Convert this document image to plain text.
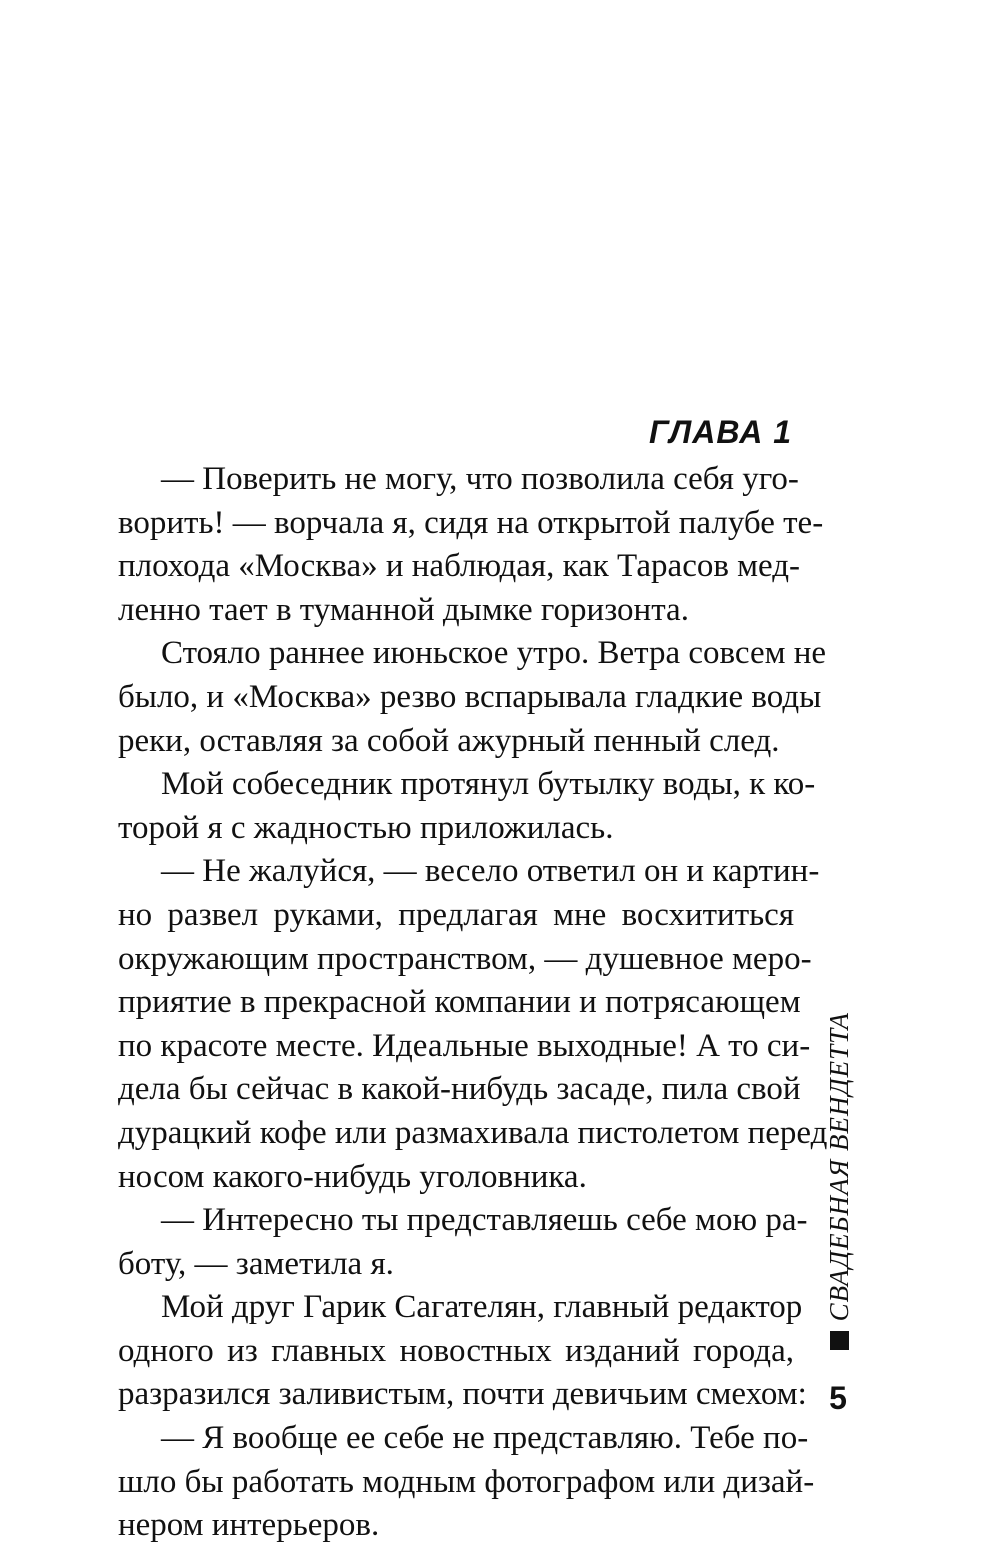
ГЛАВА 1
— Поверить не могу, что позволила себя уго-
ворить! — ворчала я, сидя на открытой палубе те-
плохода «Москва» и наблюдая, как Тарасов мед-
ленно тает в туманной дымке горизонта.
Стояло раннее июньское утро. Ветра совсем не
было, и «Москва» резво вспарывала гладкие воды
реки, оставляя за собой ажурный пенный след.
Мой собеседник протянул бутылку воды, к ко-
торой я с жадностью приложилась.
— Не жалуйся, — весело ответил он и картин-
но развел руками, предлагая мне восхититься
окружающим пространством, — душевное меро-
приятие в прекрасной компании и потрясающем
по красоте месте. Идеальные выходные! А то си-
дела бы сейчас в какой-нибудь засаде, пила свой
дурацкий кофе или размахивала пистолетом перед
носом какого-нибудь уголовника.
— Интересно ты представляешь себе мою ра-
боту, — заметила я.
Мой друг Гарик Сагателян, главный редактор
одного из главных новостных изданий города,
разразился заливистым, почти девичьим смехом:
— Я вообще ее себе не представляю. Тебе по-
шло бы работать модным фотографом или дизай-
нером интерьеров.
СВАДЕБНАЯ ВЕНДЕТТА
5
